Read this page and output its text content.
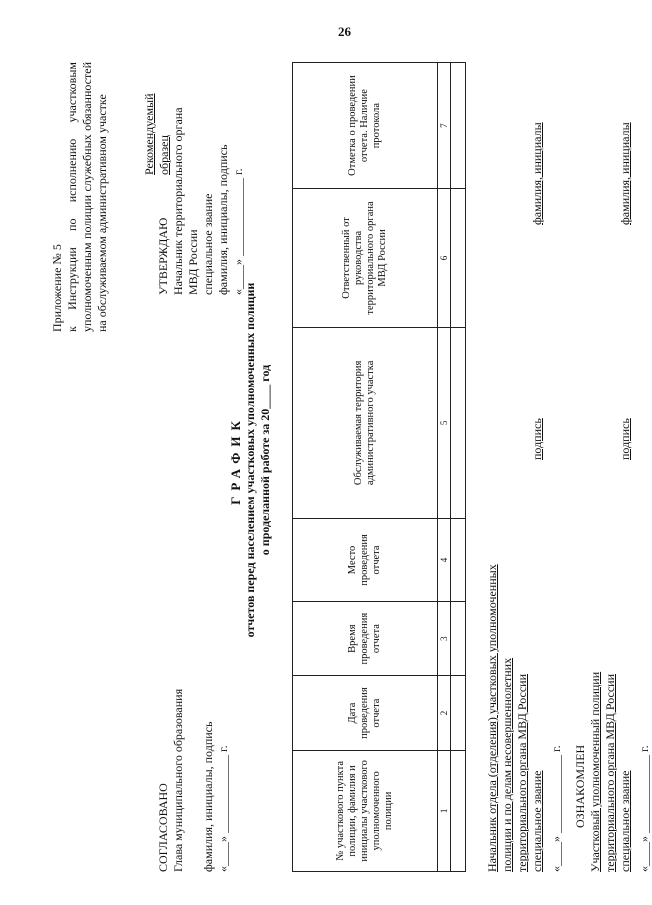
26
Приложение № 5 к Инструкции по исполнению участковым уполномоченным полиции служебных обязанностей на обслуживаемом административном участке	Рекомендуемый образец
УТВЕРЖДАЮ Начальник территориального органа МВД России специальное звание фамилия, инициалы, подпись «____» _____________ г.
СОГЛАСОВАНО Глава муниципального образования фамилия, инициалы, подпись «____» _____________ г.
ГРАФИК отчетов перед населением участковых уполномоченных полиции о проделанной работе за 20____ год
№ участкового пункта полиции, фамилия и инициалы участкового уполномоченного полиции	Дата проведения отчета	Время проведения отчета	Место проведения отчета	Обслуживаемая территория административного участка	Ответственный от руководства территориального органа МВД России	Отметка о проведении отчета. Наличие протокола
1	2	3	4	5	6	7

Начальник отдела (отделения) участковых уполномоченных полиции и по делам несовершеннолетних территориального органа МВД России специальное звание
подпись
фамилия, инициалы
«____» _____________ г. ОЗНАКОМЛЕН Участковый уполномоченный полиции территориального органа МВД России специальное звание
подпись
фамилия, инициалы
«____» _____________ г.
